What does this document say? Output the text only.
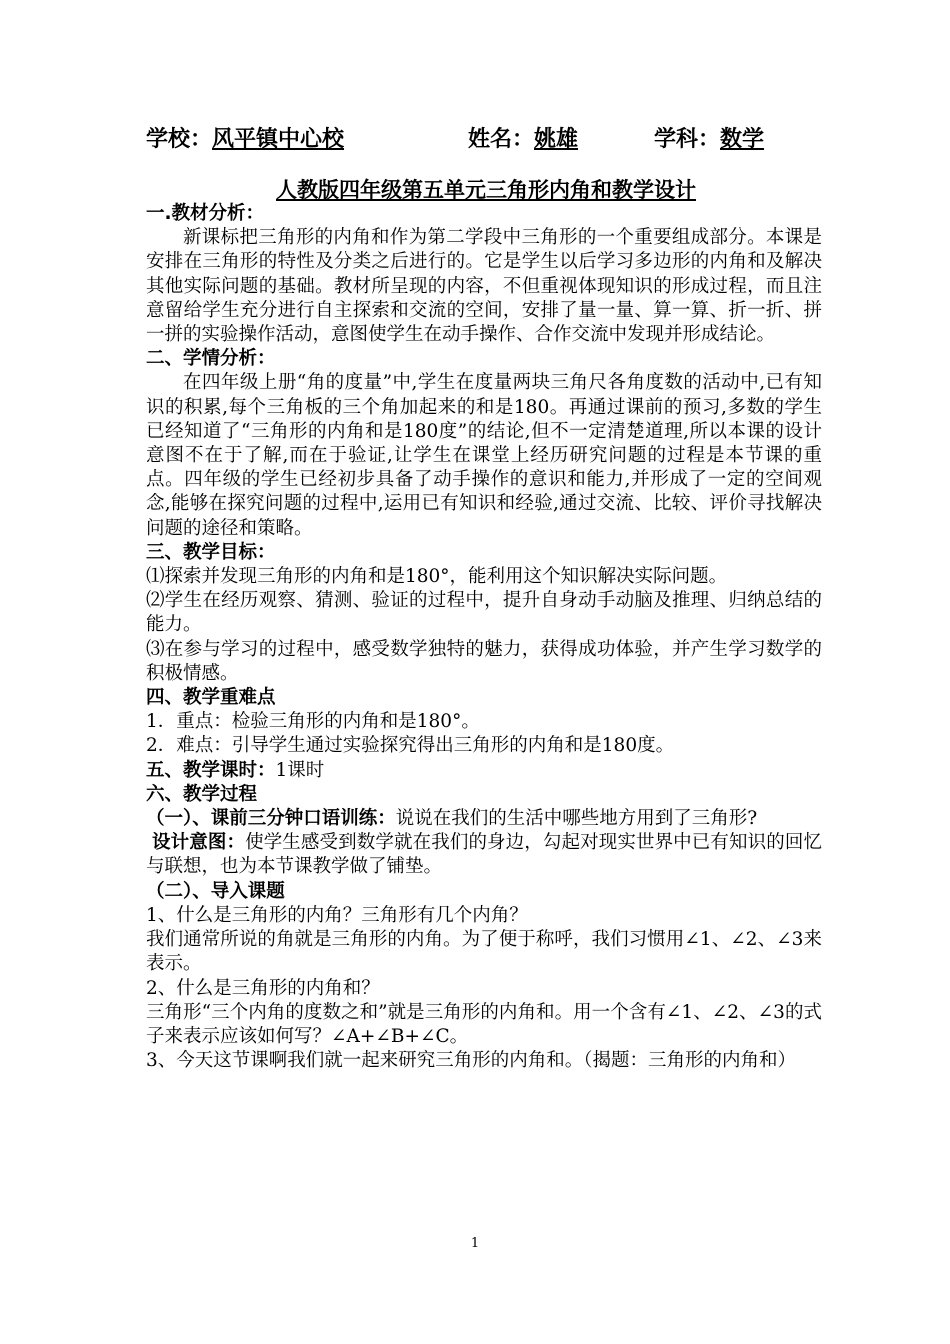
学校：风平镇中心校	姓名：姚雄	学科：数学
人教版四年级第五单元三角形内角和教学设计

一.教材分析：

新课标把三角形的内角和作为第二学段中三角形的一个重要组成部分。本课是安排在三角形的特性及分类之后进行的。它是学生以后学习多边形的内角和及解决其他实际问题的基础。教材所呈现的内容，不但重视体现知识的形成过程，而且注意留给学生充分进行自主探索和交流的空间，安排了量一量、算一算、折一折、拼一拼的实验操作活动，意图使学生在动手操作、合作交流中发现并形成结论。

二、学情分析：

在四年级上册“角的度量”中,学生在度量两块三角尺各角度数的活动中,已有知识的积累,每个三角板的三个角加起来的和是180。再通过课前的预习,多数的学生已经知道了“三角形的内角和是180度”的结论,但不一定清楚道理,所以本课的设计意图不在于了解,而在于验证,让学生在课堂上经历研究问题的过程是本节课的重点。四年级的学生已经初步具备了动手操作的意识和能力,并形成了一定的空间观念,能够在探究问题的过程中,运用已有知识和经验,通过交流、比较、评价寻找解决问题的途径和策略。

三、教学目标：

⑴探索并发现三角形的内角和是180°，能利用这个知识解决实际问题。

⑵学生在经历观察、猜测、验证的过程中，提升自身动手动脑及推理、归纳总结的能力。

⑶在参与学习的过程中，感受数学独特的魅力，获得成功体验，并产生学习数学的积极情感。

四、教学重难点

1．重点：检验三角形的内角和是180°。

2．难点：引导学生通过实验探究得出三角形的内角和是180度。

五、教学课时：1课时

六、教学过程

（一）、课前三分钟口语训练：说说在我们的生活中哪些地方用到了三角形?

设计意图：使学生感受到数学就在我们的身边，勾起对现实世界中已有知识的回忆与联想，也为本节课教学做了铺垫。

（二）、导入课题

1、什么是三角形的内角？三角形有几个内角？

我们通常所说的角就是三角形的内角。为了便于称呼，我们习惯用∠1、∠2、∠3来表示。

2、什么是三角形的内角和？

三角形“三个内角的度数之和”就是三角形的内角和。用一个含有∠1、∠2、∠3的式子来表示应该如何写？∠A+∠B+∠C。

3、今天这节课啊我们就一起来研究三角形的内角和。（揭题：三角形的内角和）

1
